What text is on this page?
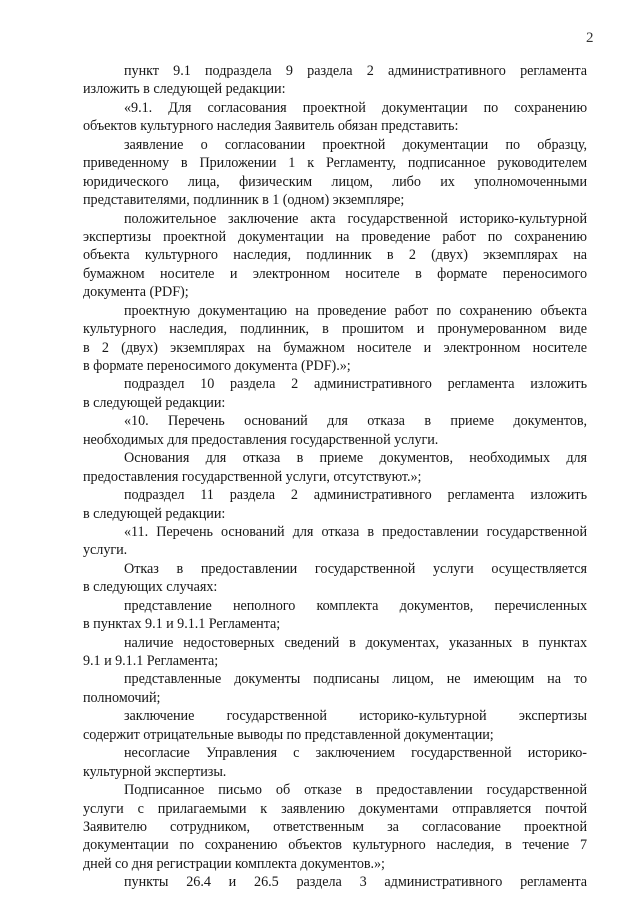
2
пункт 9.1 подраздела 9 раздела 2 административного регламента
изложить в следующей редакции:
«9.1. Для согласования проектной документации по сохранению
объектов культурного наследия Заявитель обязан представить:
заявление о согласовании проектной документации по образцу,
приведенному в Приложении 1 к Регламенту, подписанное руководителем
юридического лица, физическим лицом, либо их уполномоченными
представителями, подлинник в 1 (одном) экземпляре;
положительное заключение акта государственной историко-культурной
экспертизы проектной документации на проведение работ по сохранению
объекта культурного наследия, подлинник в 2 (двух) экземплярах на
бумажном носителе и электронном носителе в формате переносимого
документа (PDF);
проектную документацию на проведение работ по сохранению объекта
культурного наследия, подлинник, в прошитом и пронумерованном виде
в 2 (двух) экземплярах на бумажном носителе и электронном носителе
в формате переносимого документа (PDF).»;
подраздел 10 раздела 2 административного регламента изложить
в следующей редакции:
«10. Перечень оснований для отказа в приеме документов,
необходимых для предоставления государственной услуги.
Основания для отказа в приеме документов, необходимых для
предоставления государственной услуги, отсутствуют.»;
подраздел 11 раздела 2 административного регламента изложить
в следующей редакции:
«11. Перечень оснований для отказа в предоставлении государственной
услуги.
Отказ в предоставлении государственной услуги осуществляется
в следующих случаях:
представление неполного комплекта документов, перечисленных
в пунктах 9.1 и 9.1.1 Регламента;
наличие недостоверных сведений в документах, указанных в пунктах
9.1 и 9.1.1 Регламента;
представленные документы подписаны лицом, не имеющим на то
полномочий;
заключение государственной историко-культурной экспертизы
содержит отрицательные выводы по представленной документации;
несогласие Управления с заключением государственной историко-
культурной экспертизы.
Подписанное письмо об отказе в предоставлении государственной
услуги с прилагаемыми к заявлению документами отправляется почтой
Заявителю сотрудником, ответственным за согласование проектной
документации по сохранению объектов культурного наследия, в течение 7
дней со дня регистрации комплекта документов.»;
пункты 26.4 и 26.5 раздела 3 административного регламента
